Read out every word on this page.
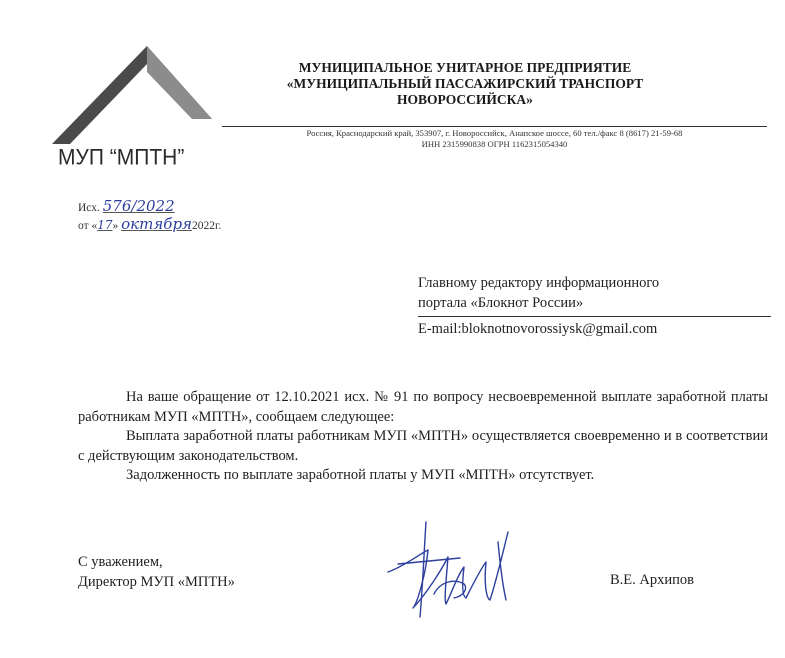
МУП “МПТН”
МУНИЦИПАЛЬНОЕ УНИТАРНОЕ ПРЕДПРИЯТИЕ
«МУНИЦИПАЛЬНЫЙ ПАССАЖИРСКИЙ ТРАНСПОРТ
НОВОРОССИЙСКА»
Россия, Краснодарский край, 353907, г. Новороссийск, Анапское шоссе, 60 тел./факс 8 (8617) 21-59-68
ИНН 2315990838 ОГРН 1162315054340
Исх. 576/2022
от «17» октября2022г.
Главному редактору информационного
портала «Блокнот России»
E-mail:bloknotnovorossiysk@gmail.com

На ваше обращение от 12.10.2021 исх. № 91 по вопросу несвоевременной выплате заработной платы работникам МУП «МПТН», сообщаем следующее:

Выплата заработной платы работникам МУП «МПТН» осуществляется своевременно и в соответствии с действующим законодательством.

Задолженность по выплате заработной платы у МУП «МПТН» отсутствует.

С уважением,
Директор МУП «МПТН»	В.Е. Архипов
